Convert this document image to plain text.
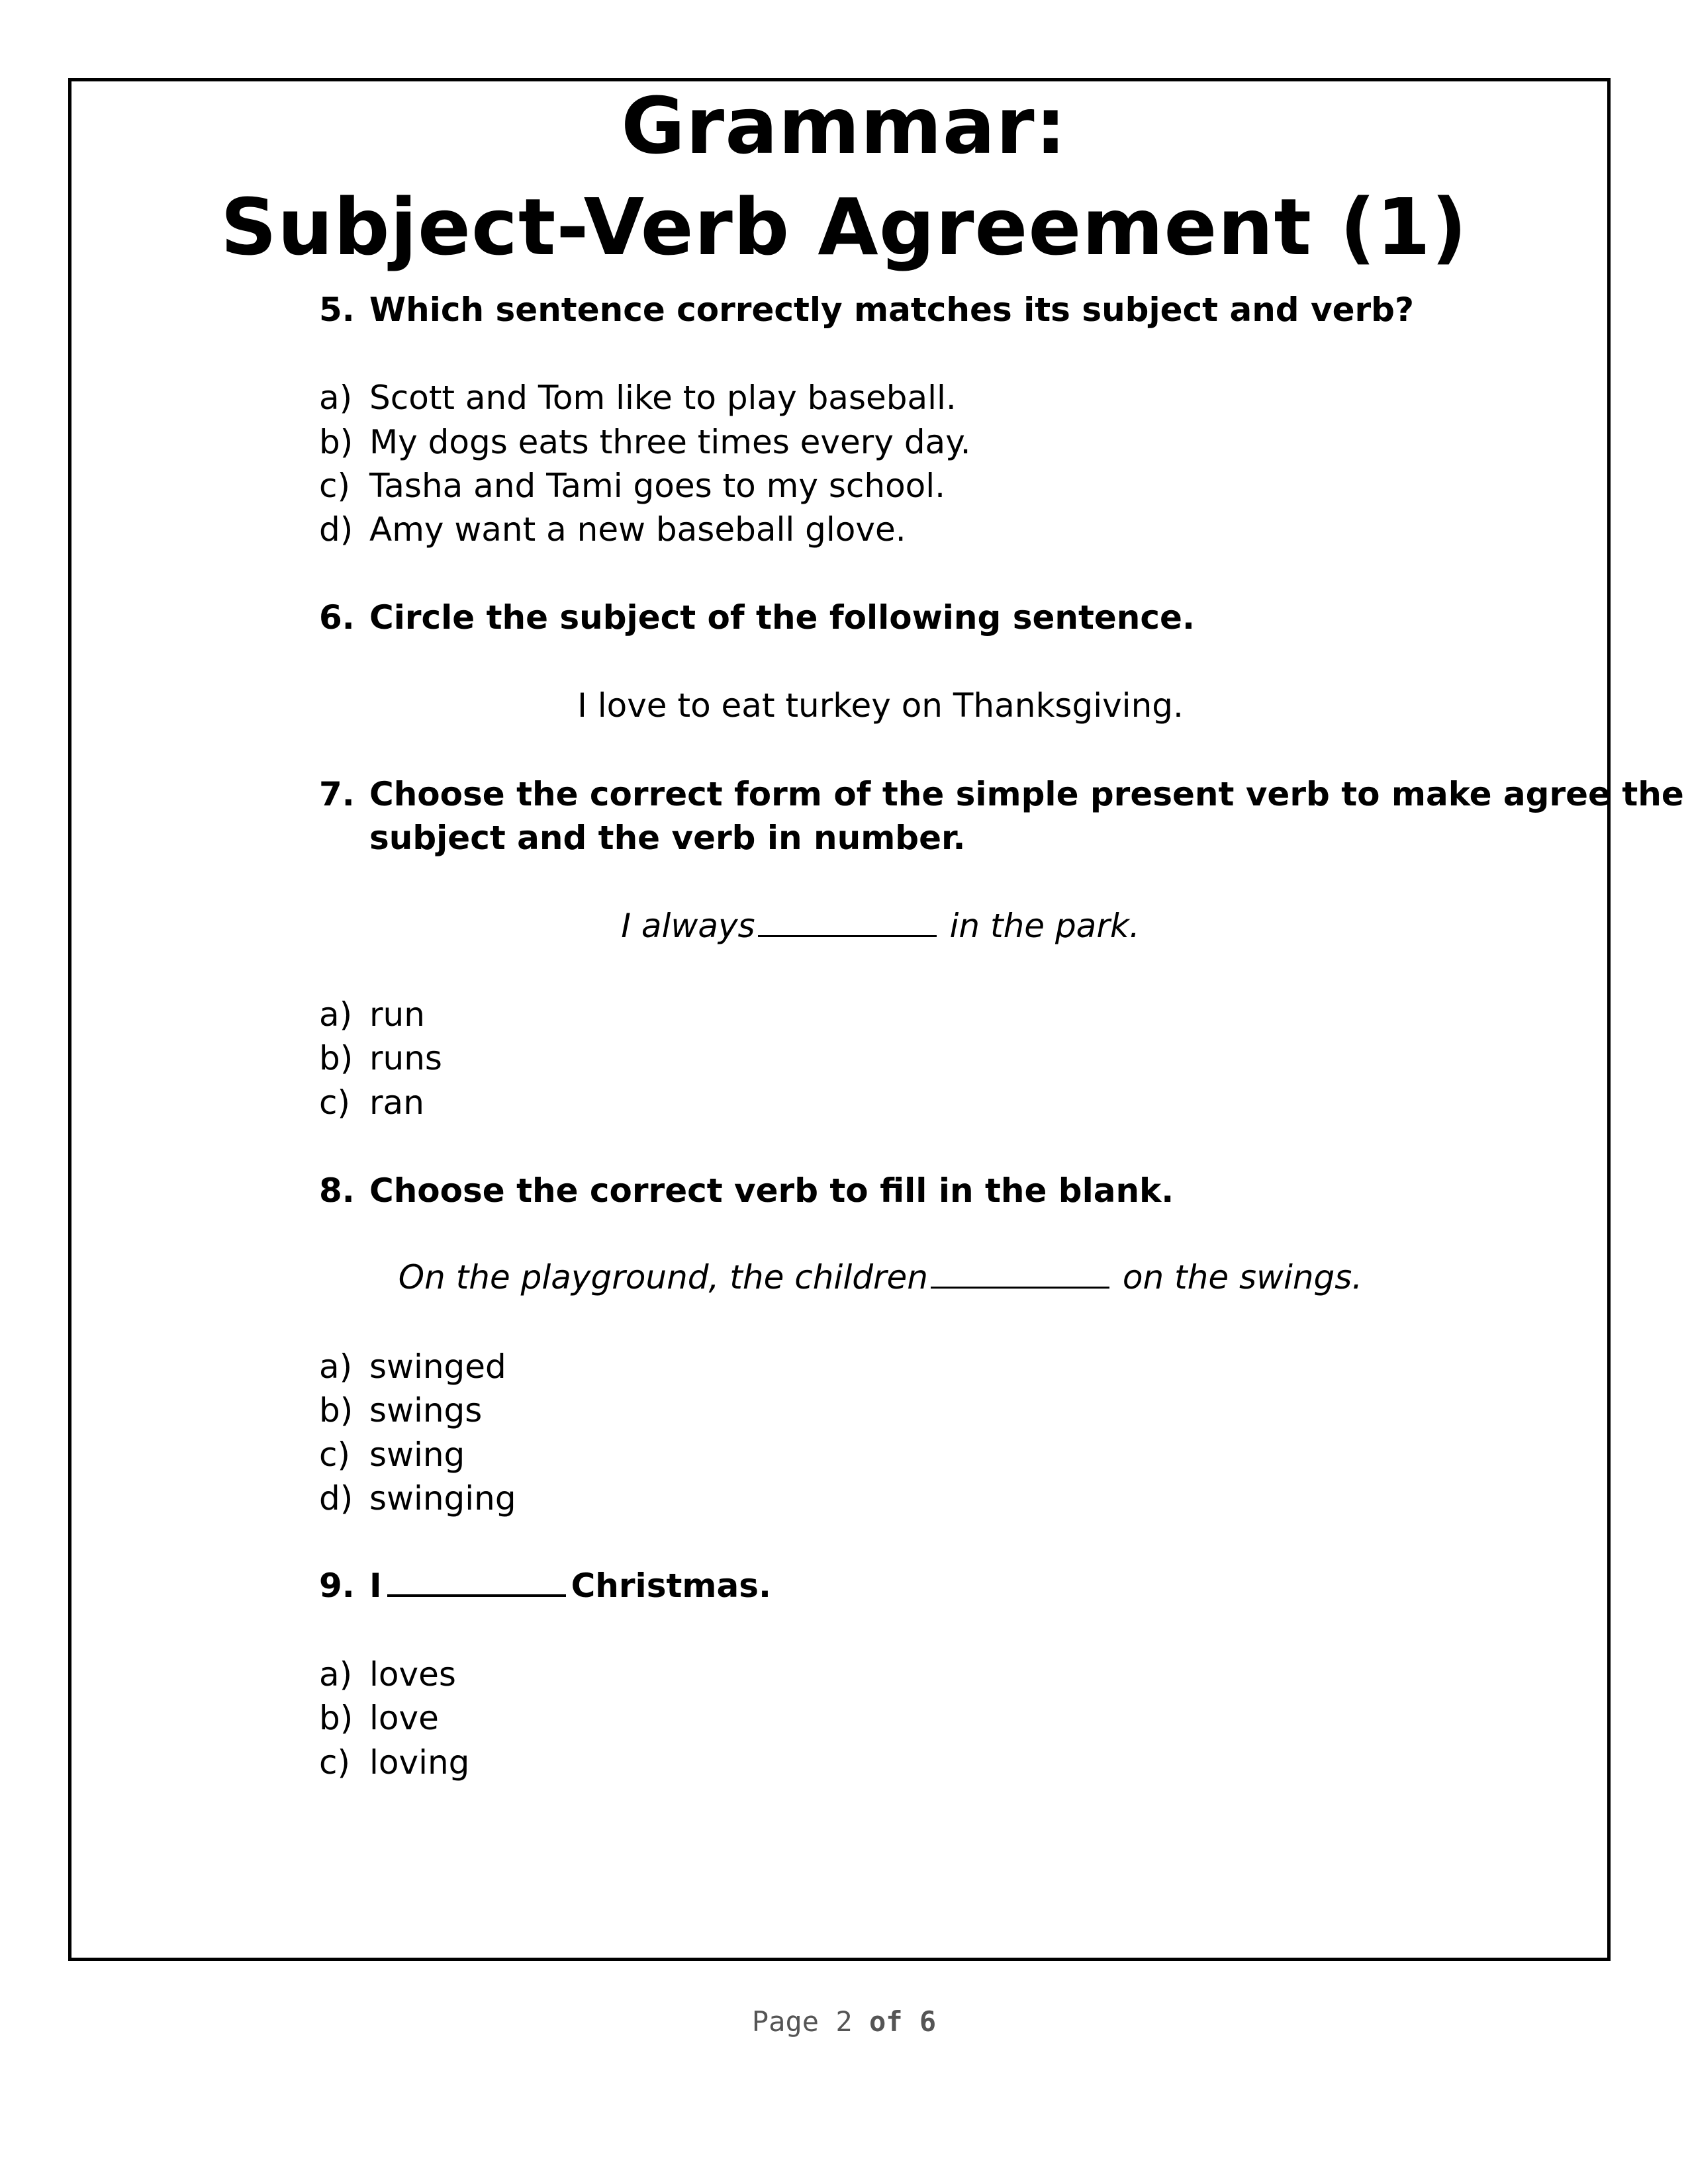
Grammar:
Subject-Verb Agreement (1)
5. Which sentence correctly matches its subject and verb?
a) Scott and Tom like to play baseball.
b) My dogs eats three times every day.
c) Tasha and Tami goes to my school.
d) Amy want a new baseball glove.
6. Circle the subject of the following sentence.
I love to eat turkey on Thanksgiving.
7. Choose the correct form of the simple present verb to make agree the
subject and the verb in number.
I always	in the park.
a) run
b) runs
c) ran
8. Choose the correct verb to fill in the blank.
On the playground, the children	on the swings.
a) swinged
b) swings
c) swing
d) swinging
9. I	Christmas.
a) loves
b) love
c) loving
Page 2 of 6
